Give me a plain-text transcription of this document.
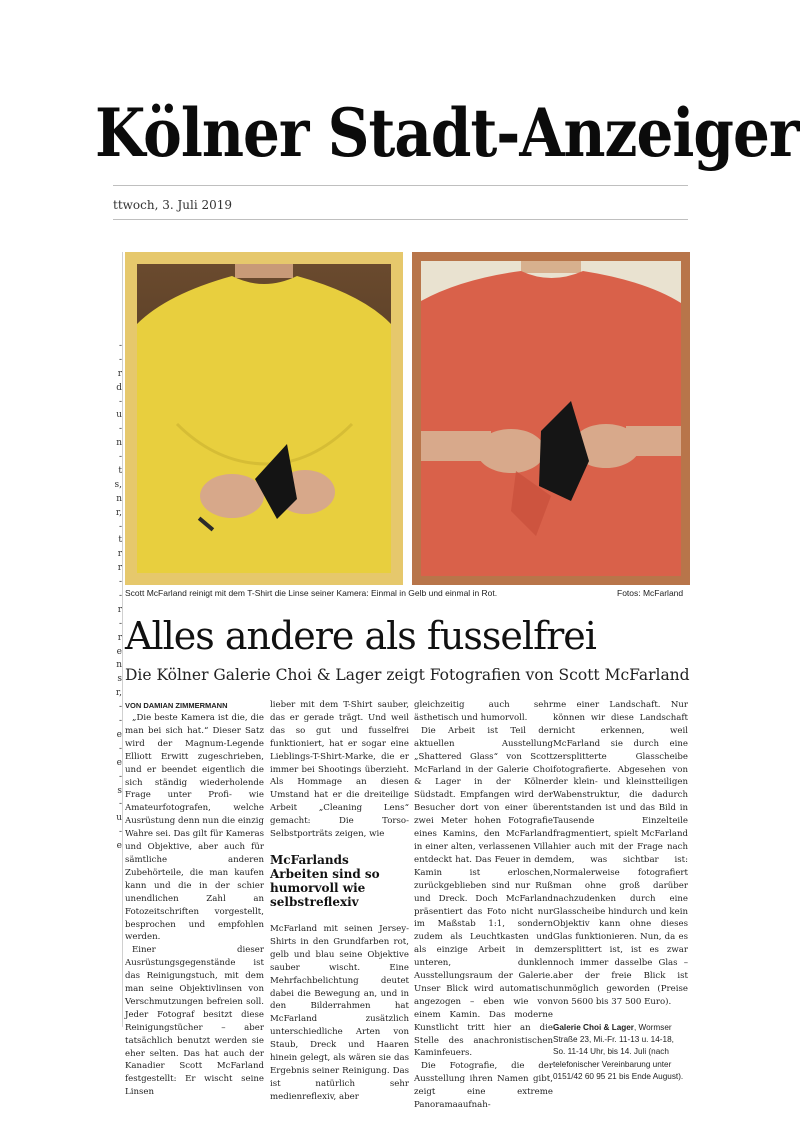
Kölner Stadt-Anzeiger
ttwoch, 3. Juli 2019
-
-
r
d
-
u
-
n
-
t
s,
n
r,
-
t
r
r
-
-
r
-
r
e
n
s
r,
-
-
e
-
e
-
s
-
u
-
e
Scott McFarland reinigt mit dem T-Shirt die Linse seiner Kamera: Einmal in Gelb und einmal in Rot.	Fotos: McFarland
Alles andere als fusselfrei
Die Kölner Galerie Choi & Lager zeigt Fotografien von Scott McFarland
VON DAMIAN ZIMMERMANN

„Die beste Kamera ist die, die man bei sich hat.“ Dieser Satz wird der Magnum-Legende Elliott Erwitt zugeschrieben, und er beendet eigentlich die sich ständig wiederholende Frage unter Profi- wie Amateurfotografen, welche Ausrüstung denn nun die einzig Wahre sei. Das gilt für Kameras und Objektive, aber auch für sämtliche anderen Zubehörteile, die man kaufen kann und die in der schier unendlichen Zahl an Fotozeitschriften vorgestellt, besprochen und empfohlen werden.

Einer dieser Ausrüstungsgegenstände ist das Reinigungstuch, mit dem man seine Objektivlinsen von Verschmutzungen befreien soll. Jeder Fotograf besitzt diese Reinigungstücher – aber tatsächlich benutzt werden sie eher selten. Das hat auch der Kanadier Scott McFarland festgestellt: Er wischt seine Linsen

lieber mit dem T-Shirt sauber, das er gerade trägt. Und weil das so gut und fusselfrei funktioniert, hat er sogar eine Lieblings-T-Shirt-Marke, die er immer bei Shootings überzieht. Als Hommage an diesen Umstand hat er die dreiteilige Arbeit „Cleaning Lens“ gemacht: Die Torso-Selbstporträts zeigen, wie

McFarlands Arbeiten sind so humorvoll wie selbstreflexiv

McFarland mit seinen Jersey-Shirts in den Grundfarben rot, gelb und blau seine Objektive sauber wischt. Eine Mehrfachbelichtung deutet dabei die Bewegung an, und in den Bilderrahmen hat McFarland zusätzlich unterschiedliche Arten von Staub, Dreck und Haaren hinein gelegt, als wären sie das Ergebnis seiner Reinigung. Das ist natürlich sehr medienreflexiv, aber

gleichzeitig auch sehr ästhetisch und humorvoll.

Die Arbeit ist Teil der aktuellen Ausstellung „Shattered Glass“ von Scott McFarland in der Galerie Choi & Lager in der Kölner Südstadt. Empfangen wird der Besucher dort von einer über zwei Meter hohen Fotografie eines Kamins, den McFarland in einer alten, verlassenen Villa entdeckt hat. Das Feuer in dem Kamin ist erloschen, zurückgeblieben sind nur Ruß und Dreck. Doch McFarland präsentiert das Foto nicht nur im Maßstab 1:1, sondern zudem als Leuchtkasten und als einzige Arbeit in dem unteren, dunklen Ausstellungsraum der Galerie. Unser Blick wird automatisch angezogen – eben wie von einem Kamin. Das moderne Kunstlicht tritt hier an die Stelle des anachronistischen Kaminfeuers.

Die Fotografie, die der Ausstellung ihren Namen gibt, zeigt eine extreme Panoramaaufnah-

me einer Landschaft. Nur können wir diese Landschaft nicht erkennen, weil McFarland sie durch eine zersplitterte Glasscheibe fotografierte. Abgesehen von der klein- und kleinstteiligen Wabenstruktur, die dadurch entstanden ist und das Bild in Tausende Einzelteile fragmentiert, spielt McFarland hier auch mit der Frage nach dem, was sichtbar ist: Normalerweise fotografiert man ohne groß darüber nachzudenken durch eine Glasscheibe hindurch und kein Objektiv kann ohne dieses Glas funktionieren. Nun, da es zersplittert ist, ist es zwar noch immer dasselbe Glas – aber der freie Blick ist unmöglich geworden (Preise von 5600 bis 37 500 Euro).

Galerie Choi & Lager, Wormser Straße 23, Mi.-Fr. 11-13 u. 14-18, So. 11-14 Uhr, bis 14. Juli (nach telefonischer Vereinbarung unter 0151/42 60 95 21 bis Ende August).
